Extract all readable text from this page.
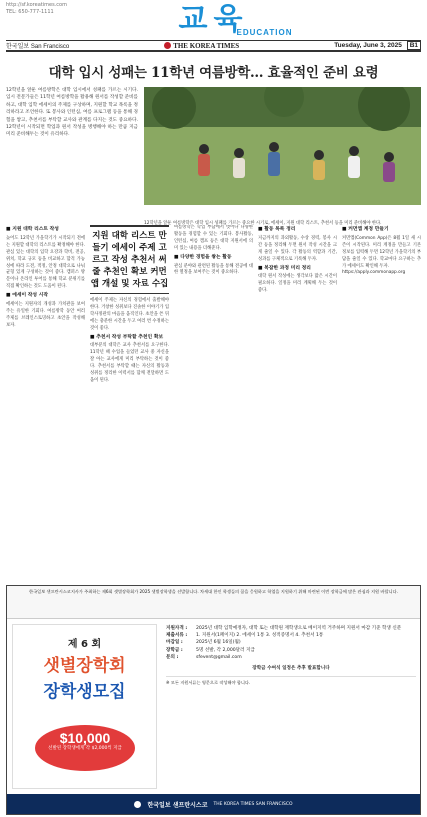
http://sf.koreatimes.com
TEL: 650-777-1111	교육
EDUCATION
한국일보 San Francisco	THE KOREA TIMES	Tuesday, June 3, 2025 B1
대학 입시 성패는 11학년 여름방학… 효율적인 준비 요령

12학년을 앞둔 여름방학은 대학 입시에서 성패를 가르는 시기다. 입시 전문가들은 11학년 여름방학을 활용해 원서를 작성할 준비를 하고, 대학 입학 에세이의 주제를 구상하며, 지원할 학교 목록을 정리하라고 조언한다. 또 봉사와 인턴십, 여름 프로그램 등을 통해 경험을 쌓고, 추천서를 부탁할 교사와 관계를 다지는 것도 중요하다. 12학년이 시작되면 학업과 원서 작성을 병행해야 하는 만큼 지금 미리 준비해두는 것이 유리하다.

12학년을 앞둔 여름방학은 대학 입시 성패를 가르는 중요한 시기로, 에세이, 지원 대학 리스트, 추천서 등을 미리 준비해야 한다.

■ 지원 대학 리스트 작성

늦어도 12학년 가을학기가 시작되기 전에는 지원할 대학의 리스트를 확정해야 한다. 관심 있는 대학의 입학 요강과 학비, 전공, 위치, 학교 규모 등을 비교하고 합격 가능성에 따라 도전, 적정, 안정 대학으로 나눠 균형 있게 구성하는 것이 좋다. 캠퍼스 방문이나 온라인 투어를 통해 학교 분위기를 직접 확인하는 것도 도움이 된다.

■ 에세이 작성 시작

에세이는 지원자의 개성과 가치관을 보여주는 유일한 기회다. 여름방학 동안 여러 주제를 브레인스토밍하고 초안을 작성해 보자.

지원 대학 리스트 만들기 에세이 주제 고르고 작성 추천서 써줄 추천인 확보 커먼앱 개설 및 자료 수집

에세이 주제는 자신의 경험에서 출발해야 한다. 거창한 성취보다 진솔한 이야기가 입학사정관의 마음을 움직인다. 초안을 쓴 뒤에는 충분한 시간을 두고 여러 번 수정하는 것이 좋다.

■ 추천서 작성 부탁할 추천인 확보

대부분의 대학은 교사 추천서를 요구한다. 11학년 때 수업을 들었던 교사 중 자신을 잘 아는 교사에게 미리 부탁하는 것이 좋다. 추천서를 부탁할 때는 자신의 활동과 성취를 정리한 이력서를 함께 전달하면 도움이 된다.

여름방학은 학업 부담에서 벗어나 다양한 활동을 경험할 수 있는 기회다. 봉사활동, 인턴십, 여름 캠프 등은 대학 지원서에 의미 있는 내용을 더해준다.

■ 다양한 경험을 쌓는 활동

관심 분야와 관련된 활동을 통해 전공에 대한 열정을 보여주는 것이 중요하다.

■ 활동 목록 정리

지금까지의 과외활동, 수상 경력, 봉사 시간 등을 정리해 두면 원서 작성 시간을 크게 줄일 수 있다. 각 활동의 역할과 기간, 성과를 구체적으로 기록해 두자.

■ 복잡한 과정 미리 정리

대학 원서 작성에는 생각보다 많은 시간이 필요하다. 일정을 미리 계획해 두는 것이 좋다.

■ 커먼앱 계정 만들기

커먼앱(Common App)은 8월 1일 새 시즌이 시작된다. 미리 계정을 만들고 기본 정보를 입력해 두면 12학년 가을학기의 부담을 줄일 수 있다. 학교마다 요구하는 추가 에세이도 확인해 두자.

https://apply.commonapp.org

한국일보 샌프란시스코지사가 주최하는 제6회 샛별장학회가 2025 샛별장학생을 선발합니다. 차세대 한인 학생들의 꿈을 응원하고 학업을 지원하기 위해 마련된 이번 장학금에 많은 관심과 지원 바랍니다.
제 6 회
샛별장학회
장학생모집
$10,000
선발된 장학생에게 각 $2,000씩 지급
지원자격 :	2025년 대학 입학예정자, 대학 또는 대학원 재학생으로 베이지역 거주하며 지원서 마감 기준 학생 신분
제출서류 :	1. 지원서(1페이지) 2. 에세이 1통 3. 성적증명서 4. 추천서 1통
마감일 :	2025년 6월 16일(월)
장학금 :	5명 선발, 각 2,000달러 지급
문의 :	sfevent@gmail.com
장학금 수여식 일정은 추후 발표합니다
※ 모든 지원서류는 영문으로 작성해야 합니다.
한국일보 샌프란시스코 THE KOREA TIMES SAN FRANCISCO
